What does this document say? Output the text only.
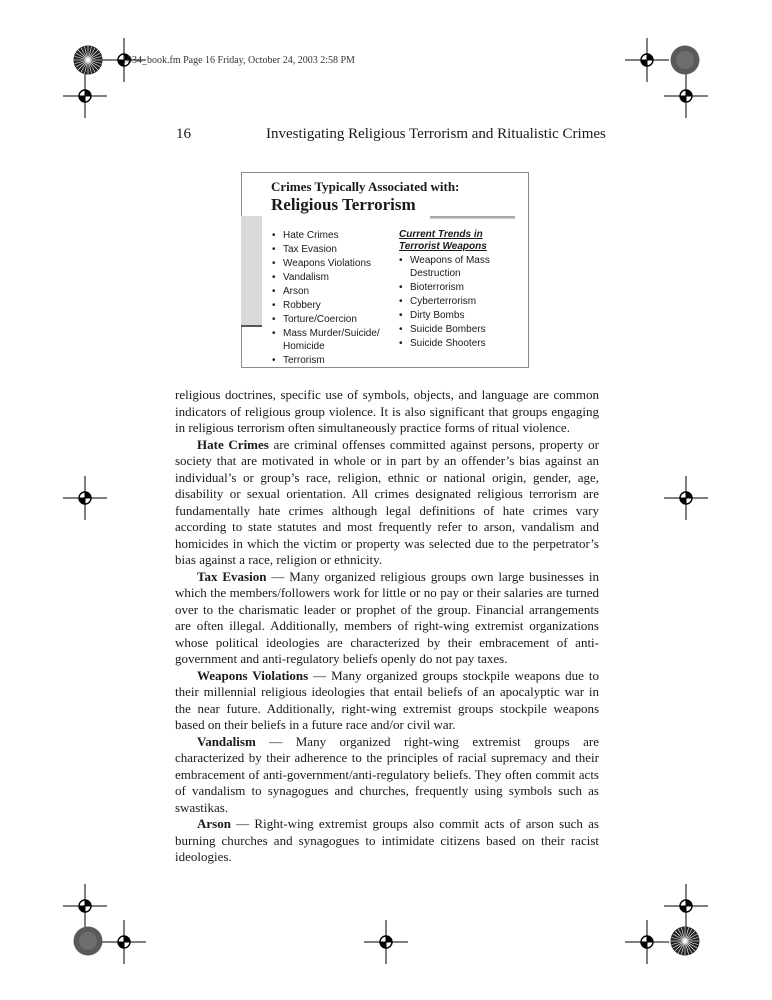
1034_book.fm Page 16 Friday, October 24, 2003 2:58 PM
16	Investigating Religious Terrorism and Ritualistic Crimes
Crimes Typically Associated with:
Religious Terrorism
• Hate Crimes
• Tax Evasion
• Weapons Violations
• Vandalism
• Arson
• Robbery
• Torture/Coercion
• Mass Murder/Suicide/ Homicide
• Terrorism
Current Trends in Terrorist Weapons
• Weapons of Mass Destruction
• Bioterrorism
• Cyberterrorism
• Dirty Bombs
• Suicide Bombers
• Suicide Shooters

religious doctrines, specific use of symbols, objects, and language are common indicators of religious group violence. It is also significant that groups engaging in religious terrorism often simultaneously practice forms of ritual violence.

Hate Crimes are criminal offenses committed against persons, property or society that are motivated in whole or in part by an offender’s bias against an individual’s or group’s race, religion, ethnic or national origin, gender, age, disability or sexual orientation. All crimes designated religious terrorism are fundamentally hate crimes although legal definitions of hate crimes vary according to state statutes and most frequently refer to arson, vandalism and homicides in which the victim or property was selected due to the perpetrator’s bias against a race, religion or ethnicity.

Tax Evasion — Many organized religious groups own large businesses in which the members/followers work for little or no pay or their salaries are turned over to the charismatic leader or prophet of the group. Financial arrangements are often illegal. Additionally, members of right-wing extremist organizations whose political ideologies are characterized by their embracement of anti-government and anti-regulatory beliefs openly do not pay taxes.

Weapons Violations — Many organized groups stockpile weapons due to their millennial religious ideologies that entail beliefs of an apocalyptic war in the near future. Additionally, right-wing extremist groups stockpile weapons based on their beliefs in a future race and/or civil war.

Vandalism — Many organized right-wing extremist groups are characterized by their adherence to the principles of racial supremacy and their embracement of anti-government/anti-regulatory beliefs. They often commit acts of vandalism to synagogues and churches, frequently using symbols such as swastikas.

Arson — Right-wing extremist groups also commit acts of arson such as burning churches and synagogues to intimidate citizens based on their racist ideologies.
